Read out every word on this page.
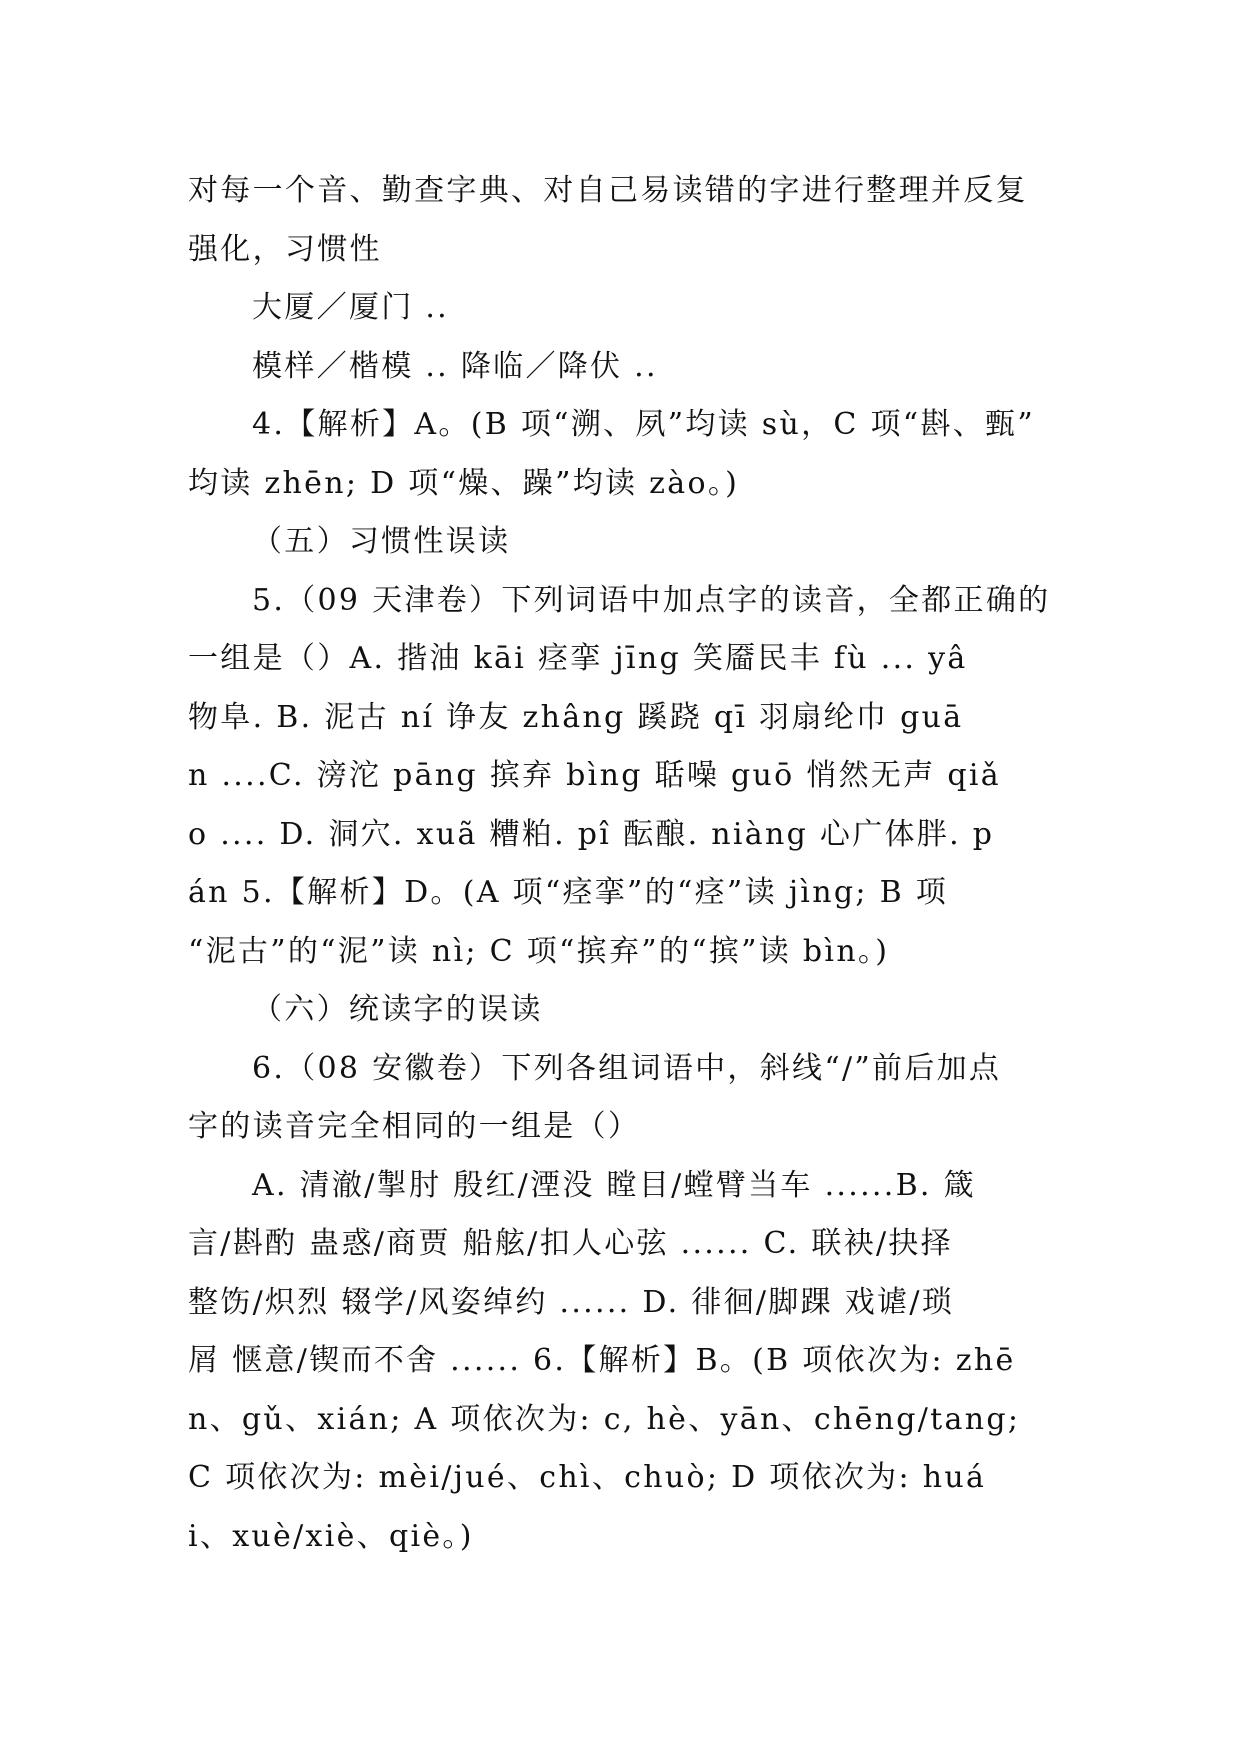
对每一个音、勤查字典、对自己易读错的字进行整理并反复
强化，习惯性
大厦／厦门 ..
模样／楷模 .. 降临／降伏 ..
4.【解析】A。(B 项“溯、夙”均读 sù，C 项“斟、甄”
均读 zhēn; D 项“燥、躁”均读 zào。)
（五）习惯性误读
5.（09 天津卷）下列词语中加点字的读音，全都正确的
一组是（）A. 揩油 kāi 痉挛 jīng 笑靥民丰 fù ... yâ
物阜. B. 泥古 ní 诤友 zhâng 蹊跷 qī 羽扇纶巾 guā
n ....C. 滂沱 pāng 摈弃 bìng 聒噪 guō 悄然无声 qiǎ
o .... D. 洞穴. xuã 糟粕. pî 酝酿. niàng 心广体胖. p
án 5.【解析】D。(A 项“痉挛”的“痉”读 jìng; B 项
“泥古”的“泥”读 nì; C 项“摈弃”的“摈”读 bìn。)
（六）统读字的误读
6.（08 安徽卷）下列各组词语中，斜线“/”前后加点
字的读音完全相同的一组是（）
A. 清澈/掣肘 殷红/湮没 瞠目/螳臂当车 ......B. 箴
言/斟酌 蛊惑/商贾 船舷/扣人心弦 ...... C. 联袂/抉择
整饬/炽烈 辍学/风姿绰约 ...... D. 徘徊/脚踝 戏谑/琐
屑 惬意/锲而不舍 ...... 6.【解析】B。(B 项依次为: zhē
n、gǔ、xián; A 项依次为: c, hè、yān、chēng/tang;
C 项依次为: mèi/jué、chì、chuò; D 项依次为: huá
i、xuè/xiè、qiè。)
